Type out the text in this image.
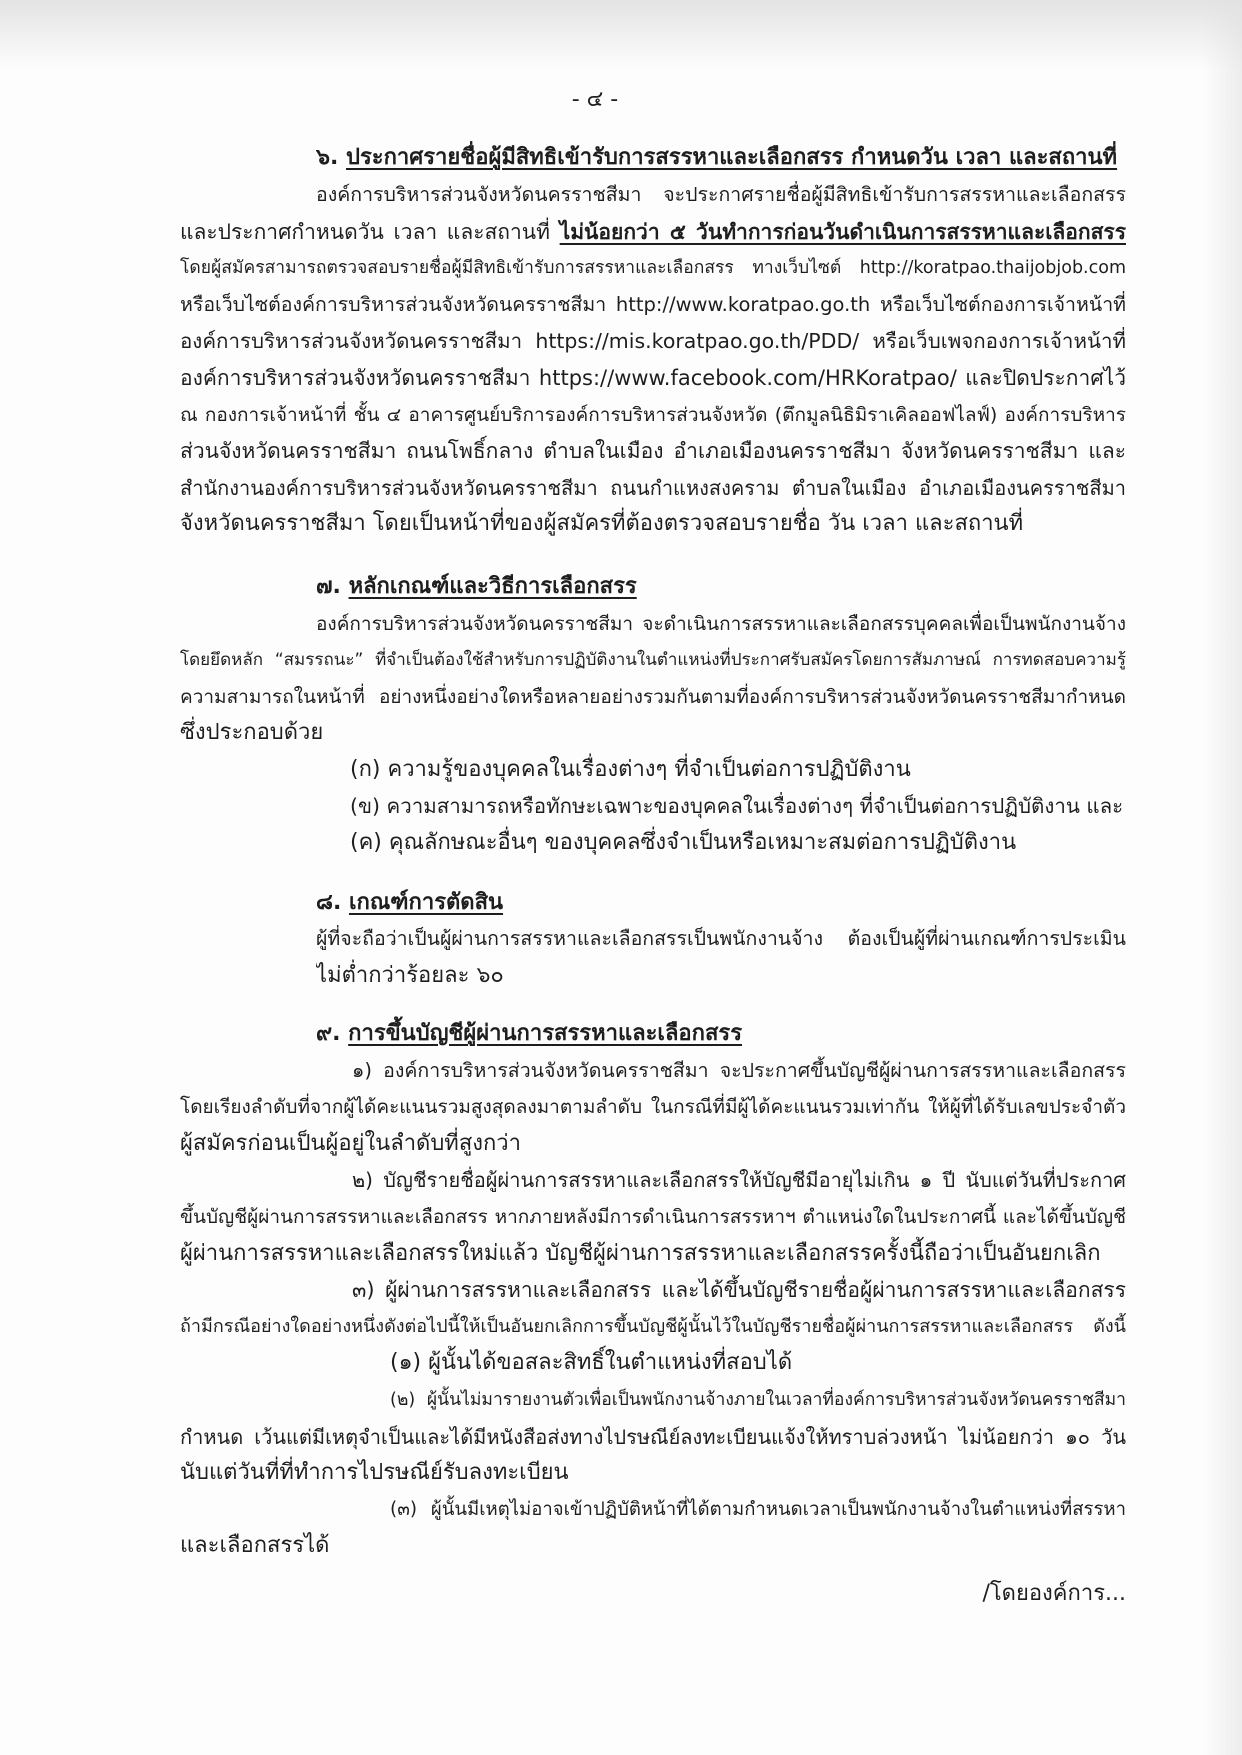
- ๔ -
๖. ประกาศรายชื่อผู้มีสิทธิเข้ารับการสรรหาและเลือกสรร กำหนดวัน เวลา และสถานที่
องค์การบริหารส่วนจังหวัดนครราชสีมา จะประกาศรายชื่อผู้มีสิทธิเข้ารับการสรรหาและเลือกสรร
และประกาศกำหนดวัน เวลา และสถานที่ ไม่น้อยกว่า ๕ วันทำการก่อนวันดำเนินการสรรหาและเลือกสรร
โดยผู้สมัครสามารถตรวจสอบรายชื่อผู้มีสิทธิเข้ารับการสรรหาและเลือกสรร ทางเว็บไซต์ http://koratpao.thaijobjob.com
หรือเว็บไซต์องค์การบริหารส่วนจังหวัดนครราชสีมา http://www.koratpao.go.th หรือเว็บไซต์กองการเจ้าหน้าที่
องค์การบริหารส่วนจังหวัดนครราชสีมา https://mis.koratpao.go.th/PDD/ หรือเว็บเพจกองการเจ้าหน้าที่
องค์การบริหารส่วนจังหวัดนครราชสีมา https://www.facebook.com/HRKoratpao/ และปิดประกาศไว้
ณ กองการเจ้าหน้าที่ ชั้น ๔ อาคารศูนย์บริการองค์การบริหารส่วนจังหวัด (ตึกมูลนิธิมิราเคิลออฟไลฟ์) องค์การบริหาร
ส่วนจังหวัดนครราชสีมา ถนนโพธิ์กลาง ตำบลในเมือง อำเภอเมืองนครราชสีมา จังหวัดนครราชสีมา และ
สำนักงานองค์การบริหารส่วนจังหวัดนครราชสีมา ถนนกำแหงสงคราม ตำบลในเมือง อำเภอเมืองนครราชสีมา
จังหวัดนครราชสีมา โดยเป็นหน้าที่ของผู้สมัครที่ต้องตรวจสอบรายชื่อ วัน เวลา และสถานที่
๗. หลักเกณฑ์และวิธีการเลือกสรร
องค์การบริหารส่วนจังหวัดนครราชสีมา จะดำเนินการสรรหาและเลือกสรรบุคคลเพื่อเป็นพนักงานจ้าง
โดยยึดหลัก “สมรรถนะ” ที่จำเป็นต้องใช้สำหรับการปฏิบัติงานในตำแหน่งที่ประกาศรับสมัครโดยการสัมภาษณ์ การทดสอบความรู้
ความสามารถในหน้าที่ อย่างหนึ่งอย่างใดหรือหลายอย่างรวมกันตามที่องค์การบริหารส่วนจังหวัดนครราชสีมากำหนด
ซึ่งประกอบด้วย
(ก) ความรู้ของบุคคลในเรื่องต่างๆ ที่จำเป็นต่อการปฏิบัติงาน
(ข) ความสามารถหรือทักษะเฉพาะของบุคคลในเรื่องต่างๆ ที่จำเป็นต่อการปฏิบัติงาน และ
(ค) คุณลักษณะอื่นๆ ของบุคคลซึ่งจำเป็นหรือเหมาะสมต่อการปฏิบัติงาน
๘. เกณฑ์การตัดสิน
ผู้ที่จะถือว่าเป็นผู้ผ่านการสรรหาและเลือกสรรเป็นพนักงานจ้าง ต้องเป็นผู้ที่ผ่านเกณฑ์การประเมิน
ไม่ต่ำกว่าร้อยละ ๖๐
๙. การขึ้นบัญชีผู้ผ่านการสรรหาและเลือกสรร
๑) องค์การบริหารส่วนจังหวัดนครราชสีมา จะประกาศขึ้นบัญชีผู้ผ่านการสรรหาและเลือกสรร
โดยเรียงลำดับที่จากผู้ได้คะแนนรวมสูงสุดลงมาตามลำดับ ในกรณีที่มีผู้ได้คะแนนรวมเท่ากัน ให้ผู้ที่ได้รับเลขประจำตัว
ผู้สมัครก่อนเป็นผู้อยู่ในลำดับที่สูงกว่า
๒) บัญชีรายชื่อผู้ผ่านการสรรหาและเลือกสรรให้บัญชีมีอายุไม่เกิน ๑ ปี นับแต่วันที่ประกาศ
ขึ้นบัญชีผู้ผ่านการสรรหาและเลือกสรร หากภายหลังมีการดำเนินการสรรหาฯ ตำแหน่งใดในประกาศนี้ และได้ขึ้นบัญชี
ผู้ผ่านการสรรหาและเลือกสรรใหม่แล้ว บัญชีผู้ผ่านการสรรหาและเลือกสรรครั้งนี้ถือว่าเป็นอันยกเลิก
๓) ผู้ผ่านการสรรหาและเลือกสรร และได้ขึ้นบัญชีรายชื่อผู้ผ่านการสรรหาและเลือกสรร
ถ้ามีกรณีอย่างใดอย่างหนึ่งดังต่อไปนี้ให้เป็นอันยกเลิกการขึ้นบัญชีผู้นั้นไว้ในบัญชีรายชื่อผู้ผ่านการสรรหาและเลือกสรร ดังนี้
(๑) ผู้นั้นได้ขอสละสิทธิ์ในตำแหน่งที่สอบได้
(๒) ผู้นั้นไม่มารายงานตัวเพื่อเป็นพนักงานจ้างภายในเวลาที่องค์การบริหารส่วนจังหวัดนครราชสีมา
กำหนด เว้นแต่มีเหตุจำเป็นและได้มีหนังสือส่งทางไปรษณีย์ลงทะเบียนแจ้งให้ทราบล่วงหน้า ไม่น้อยกว่า ๑๐ วัน
นับแต่วันที่ที่ทำการไปรษณีย์รับลงทะเบียน
(๓) ผู้นั้นมีเหตุไม่อาจเข้าปฏิบัติหน้าที่ได้ตามกำหนดเวลาเป็นพนักงานจ้างในตำแหน่งที่สรรหา
และเลือกสรรได้
/โดยองค์การ...
